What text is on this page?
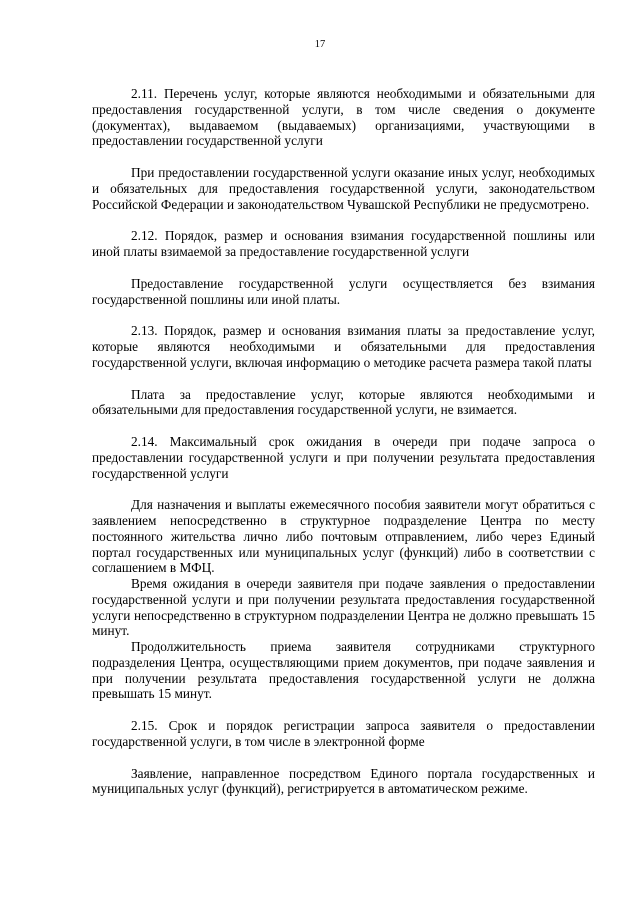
17

2.11. Перечень услуг, которые являются необходимыми и обязательными для предоставления государственной услуги, в том числе сведения о документе (документах), выдаваемом (выдаваемых) организациями, участвующими в предоставлении государственной услуги

При предоставлении государственной услуги оказание иных услуг, необходимых и обязательных для предоставления государственной услуги, законодательством Российской Федерации и законодательством Чувашской Республики не предусмотрено.

2.12. Порядок, размер и основания взимания государственной пошлины или иной платы взимаемой за предоставление государственной услуги

Предоставление государственной услуги осуществляется без взимания государственной пошлины или иной платы.

2.13. Порядок, размер и основания взимания платы за предоставление услуг, которые являются необходимыми и обязательными для предоставления государственной услуги, включая информацию о методике расчета размера такой платы

Плата за предоставление услуг, которые являются необходимыми и обязательными для предоставления государственной услуги, не взимается.

2.14. Максимальный срок ожидания в очереди при подаче запроса о предоставлении государственной услуги и при получении результата предоставления государственной услуги

Для назначения и выплаты ежемесячного пособия заявители могут обратиться с заявлением непосредственно в структурное подразделение Центра по месту постоянного жительства лично либо почтовым отправлением, либо через Единый портал государственных или муниципальных услуг (функций) либо в соответствии с соглашением в МФЦ.

Время ожидания в очереди заявителя при подаче заявления о предоставлении государственной услуги и при получении результата предоставления государственной услуги непосредственно в структурном подразделении Центра не должно превышать 15 минут.

Продолжительность приема заявителя сотрудниками структурного подразделения Центра, осуществляющими прием документов, при подаче заявления и при получении результата предоставления государственной услуги не должна превышать 15 минут.

2.15. Срок и порядок регистрации запроса заявителя о предоставлении государственной услуги, в том числе в электронной форме

Заявление, направленное посредством Единого портала государственных и муниципальных услуг (функций), регистрируется в автоматическом режиме.
